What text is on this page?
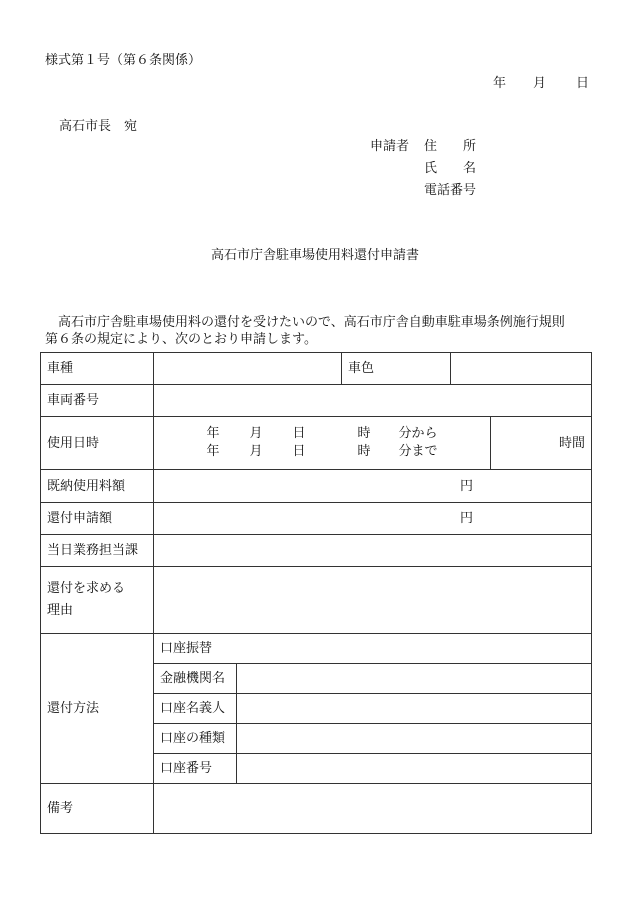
様式第１号（第６条関係）
年 月 日
高石市長　宛
申請者	住　　所
氏　　名
電話番号
高石市庁舎駐車場使用料還付申請書

高石市庁舎駐車場使用料の還付を受けたいので、高石市庁舎自動車駐車場条例施行規則

第６条の規定により、次のとおり申請します。

車種			車色		
車両番号					
使用日時	年 月 日 時 分から
年 月 日 時 分まで				時間
既納使用料額	円				
還付申請額	円				
当日業務担当課					

還付を求める
理由					

還付方法	口座振替				
	金融機関名				
	口座名義人				
	口座の種類				
	口座番号				
備考					
